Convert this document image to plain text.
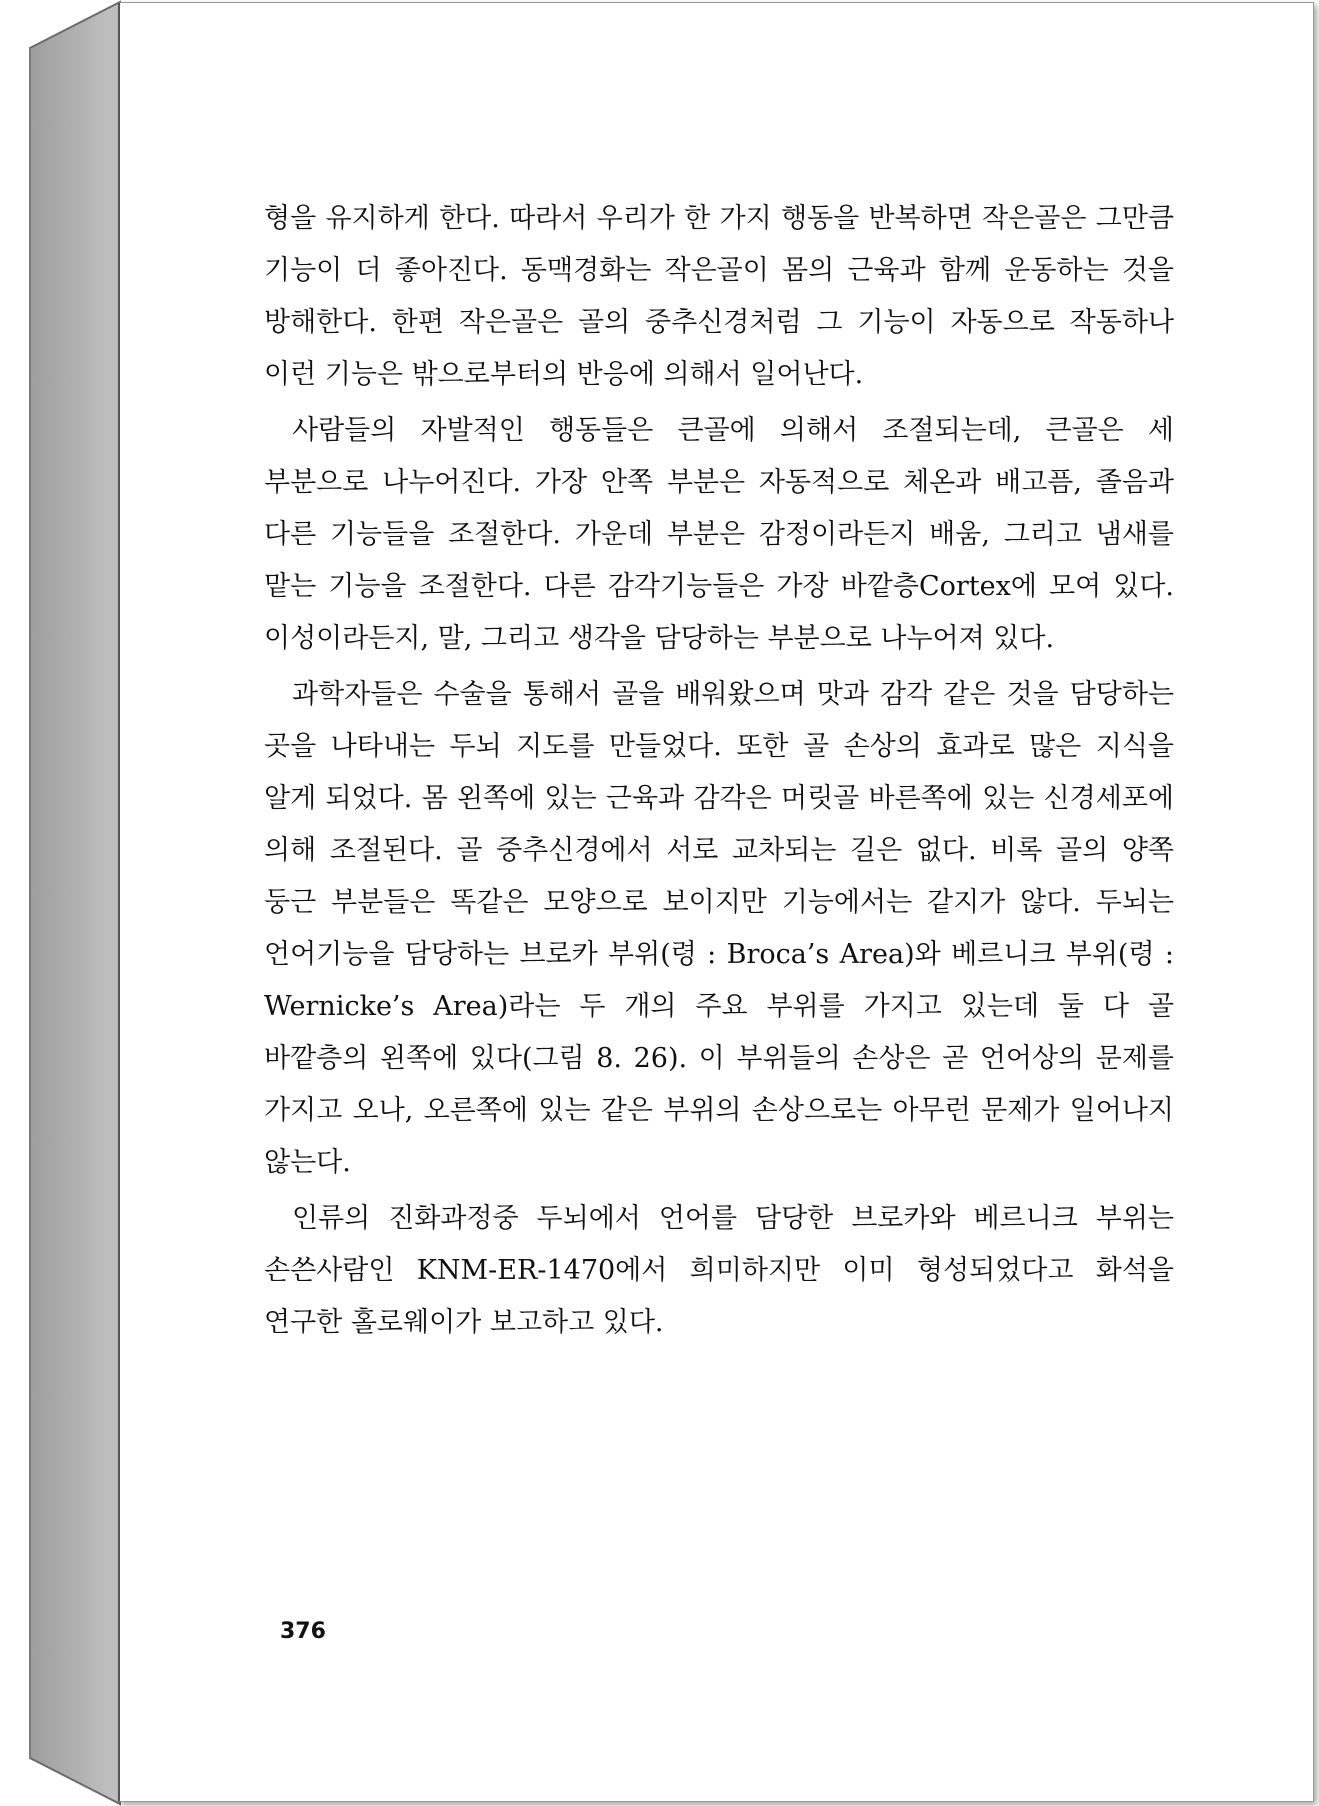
형을 유지하게 한다. 따라서 우리가 한 가지 행동을 반복하면 작은골은 그만큼 기능이 더 좋아진다. 동맥경화는 작은골이 몸의 근육과 함께 운동하는 것을 방해한다. 한편 작은골은 골의 중추신경처럼 그 기능이 자동으로 작동하나 이런 기능은 밖으로부터의 반응에 의해서 일어난다.

사람들의 자발적인 행동들은 큰골에 의해서 조절되는데, 큰골은 세 부분으로 나누어진다. 가장 안쪽 부분은 자동적으로 체온과 배고픔, 졸음과 다른 기능들을 조절한다. 가운데 부분은 감정이라든지 배움, 그리고 냄새를 맡는 기능을 조절한다. 다른 감각기능들은 가장 바깥층Cortex에 모여 있다. 이성이라든지, 말, 그리고 생각을 담당하는 부분으로 나누어져 있다.

과학자들은 수술을 통해서 골을 배워왔으며 맛과 감각 같은 것을 담당하는 곳을 나타내는 두뇌 지도를 만들었다. 또한 골 손상의 효과로 많은 지식을 알게 되었다. 몸 왼쪽에 있는 근육과 감각은 머릿골 바른쪽에 있는 신경세포에 의해 조절된다. 골 중추신경에서 서로 교차되는 길은 없다. 비록 골의 양쪽 둥근 부분들은 똑같은 모양으로 보이지만 기능에서는 같지가 않다. 두뇌는 언어기능을 담당하는 브로카 부위(령 : Broca’s Area)와 베르니크 부위(령 : Wernicke’s Area)라는 두 개의 주요 부위를 가지고 있는데 둘 다 골 바깥층의 왼쪽에 있다(그림 8. 26). 이 부위들의 손상은 곧 언어상의 문제를 가지고 오나, 오른쪽에 있는 같은 부위의 손상으로는 아무런 문제가 일어나지 않는다.

인류의 진화과정중 두뇌에서 언어를 담당한 브로카와 베르니크 부위는 손쓴사람인 KNM-ER-1470에서 희미하지만 이미 형성되었다고 화석을 연구한 홀로웨이가 보고하고 있다.

376
